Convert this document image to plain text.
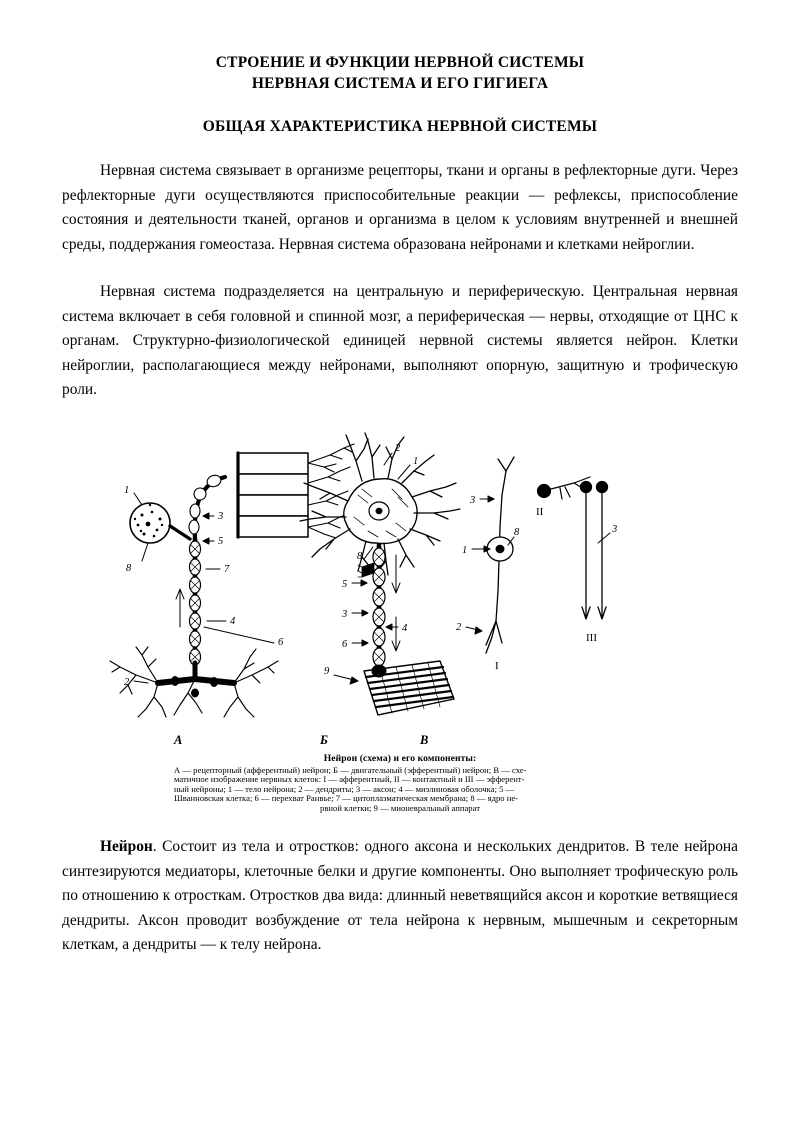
СТРОЕНИЕ И ФУНКЦИИ НЕРВНОЙ СИСТЕМЫ
НЕРВНАЯ СИСТЕМА И ЕГО ГИГИЕГА
ОБЩАЯ ХАРАКТЕРИСТИКА НЕРВНОЙ СИСТЕМЫ

Нервная система связывает в организме рецепторы, ткани и органы в рефлекторные дуги. Через рефлекторные дуги осуществляются приспособительные реакции — рефлексы, приспособление состояния и деятельности тканей, органов и организма в целом к условиям внутренней и внешней среды, поддержания гомеостаза. Нервная система образована нейронами и клетками нейроглии.

Нервная система подразделяется на центральную и периферическую. Центральная нервная система включает в себя головной и спинной мозг, а периферическая — нервы, отходящие от ЦНС к органам. Структурно-физиологической единицей нервной системы является нейрон. Клетки нейроглии, располагающиеся между нейронами, выполняют опорную, защитную и трофическую роли.

1
8
3
5
7
4
6
2
2
1
8
5
3
4
6
9
3
1
8
2
3
I
II
III
А	Б	В
Нейрон (схема) и его компоненты:
А — рецепторный (афферентный) нейрон; Б — двигательный (эфферентный) нейрон; В — схе-
матичное изображение нервных клеток: I — афферентный, II — контактный и III — эфферент-
ный нейроны; 1 — тело нейрона; 2 — дендриты; 3 — аксон; 4 — миэлиновая оболочка; 5 —
Шванновская клетка; 6 — перехват Ранвье; 7 — цитоплазматическая мембрана; 8 — ядро не-
рвной клетки; 9 — мионевральный аппарат

Нейрон. Состоит из тела и отростков: одного аксона и нескольких дендритов. В теле нейрона синтезируются медиаторы, клеточные белки и другие компоненты. Оно выполняет трофическую роль по отношению к отросткам. Отростков два вида: длинный неветвящийся аксон и короткие ветвящиеся дендриты. Аксон проводит возбуждение от тела нейрона к нервным, мышечным и секреторным клеткам, а дендриты — к телу нейрона.
